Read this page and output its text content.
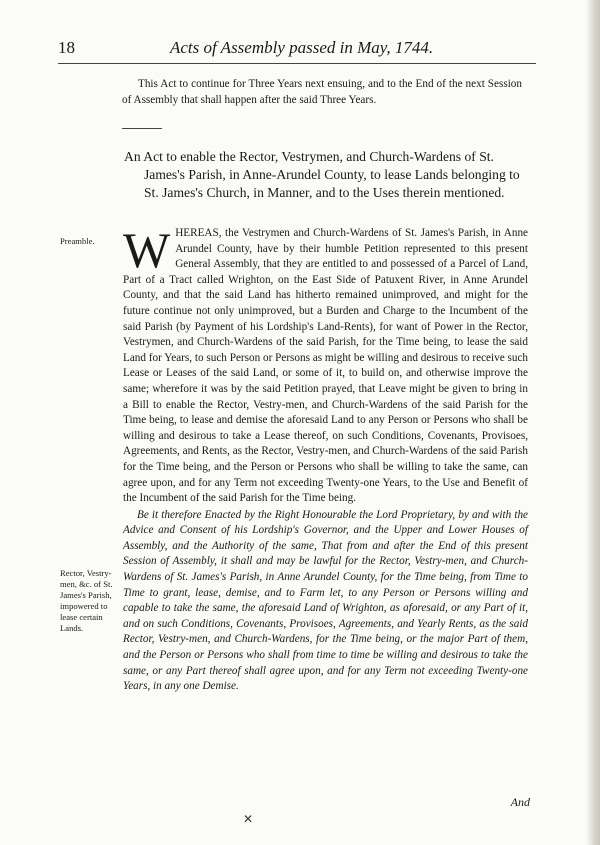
18	Acts of Assembly passed in May, 1744.

This Act to continue for Three Years next ensuing, and to the End of the next Session of Assembly that shall happen after the said Three Years.

An Act to enable the Rector, Vestrymen, and Church-Wardens of St. James's Parish, in Anne-Arundel County, to lease Lands belonging to St. James's Church, in Manner, and to the Uses therein mentioned.

Preamble.
Rector, Vestry-men, &c. of St. James's Parish, impowered to lease certain Lands.

WHEREAS, the Vestrymen and Church-Wardens of St. James's Parish, in Anne Arundel County, have by their humble Petition represented to this present General Assembly, that they are entitled to and possessed of a Parcel of Land, Part of a Tract called Wrighton, on the East Side of Patuxent River, in Anne Arundel County, and that the said Land has hitherto remained unimproved, and might for the future continue not only unimproved, but a Burden and Charge to the Incumbent of the said Parish (by Payment of his Lordship's Land-Rents), for want of Power in the Rector, Vestrymen, and Church-Wardens of the said Parish, for the Time being, to lease the said Land for Years, to such Person or Persons as might be willing and desirous to receive such Lease or Leases of the said Land, or some of it, to build on, and otherwise improve the same; wherefore it was by the said Petition prayed, that Leave might be given to bring in a Bill to enable the Rector, Vestry-men, and Church-Wardens of the said Parish for the Time being, to lease and demise the aforesaid Land to any Person or Persons who shall be willing and desirous to take a Lease thereof, on such Conditions, Covenants, Provisoes, Agreements, and Rents, as the Rector, Vestry-men, and Church-Wardens of the said Parish for the Time being, and the Person or Persons who shall be willing to take the same, can agree upon, and for any Term not exceeding Twenty-one Years, to the Use and Benefit of the Incumbent of the said Parish for the Time being.

Be it therefore Enacted by the Right Honourable the Lord Proprietary, by and with the Advice and Consent of his Lordship's Governor, and the Upper and Lower Houses of Assembly, and the Authority of the same, That from and after the End of this present Session of Assembly, it shall and may be lawful for the Rector, Vestry-men, and Church-Wardens of St. James's Parish, in Anne Arundel County, for the Time being, from Time to Time to grant, lease, demise, and to Farm let, to any Person or Persons willing and capable to take the same, the aforesaid Land of Wrighton, as aforesaid, or any Part of it, and on such Conditions, Covenants, Provisoes, Agreements, and Yearly Rents, as the said Rector, Vestry-men, and Church-Wardens, for the Time being, or the major Part of them, and the Person or Persons who shall from time to time be willing and desirous to take the same, or any Part thereof shall agree upon, and for any Term not exceeding Twenty-one Years, in any one Demise.

And
✕
